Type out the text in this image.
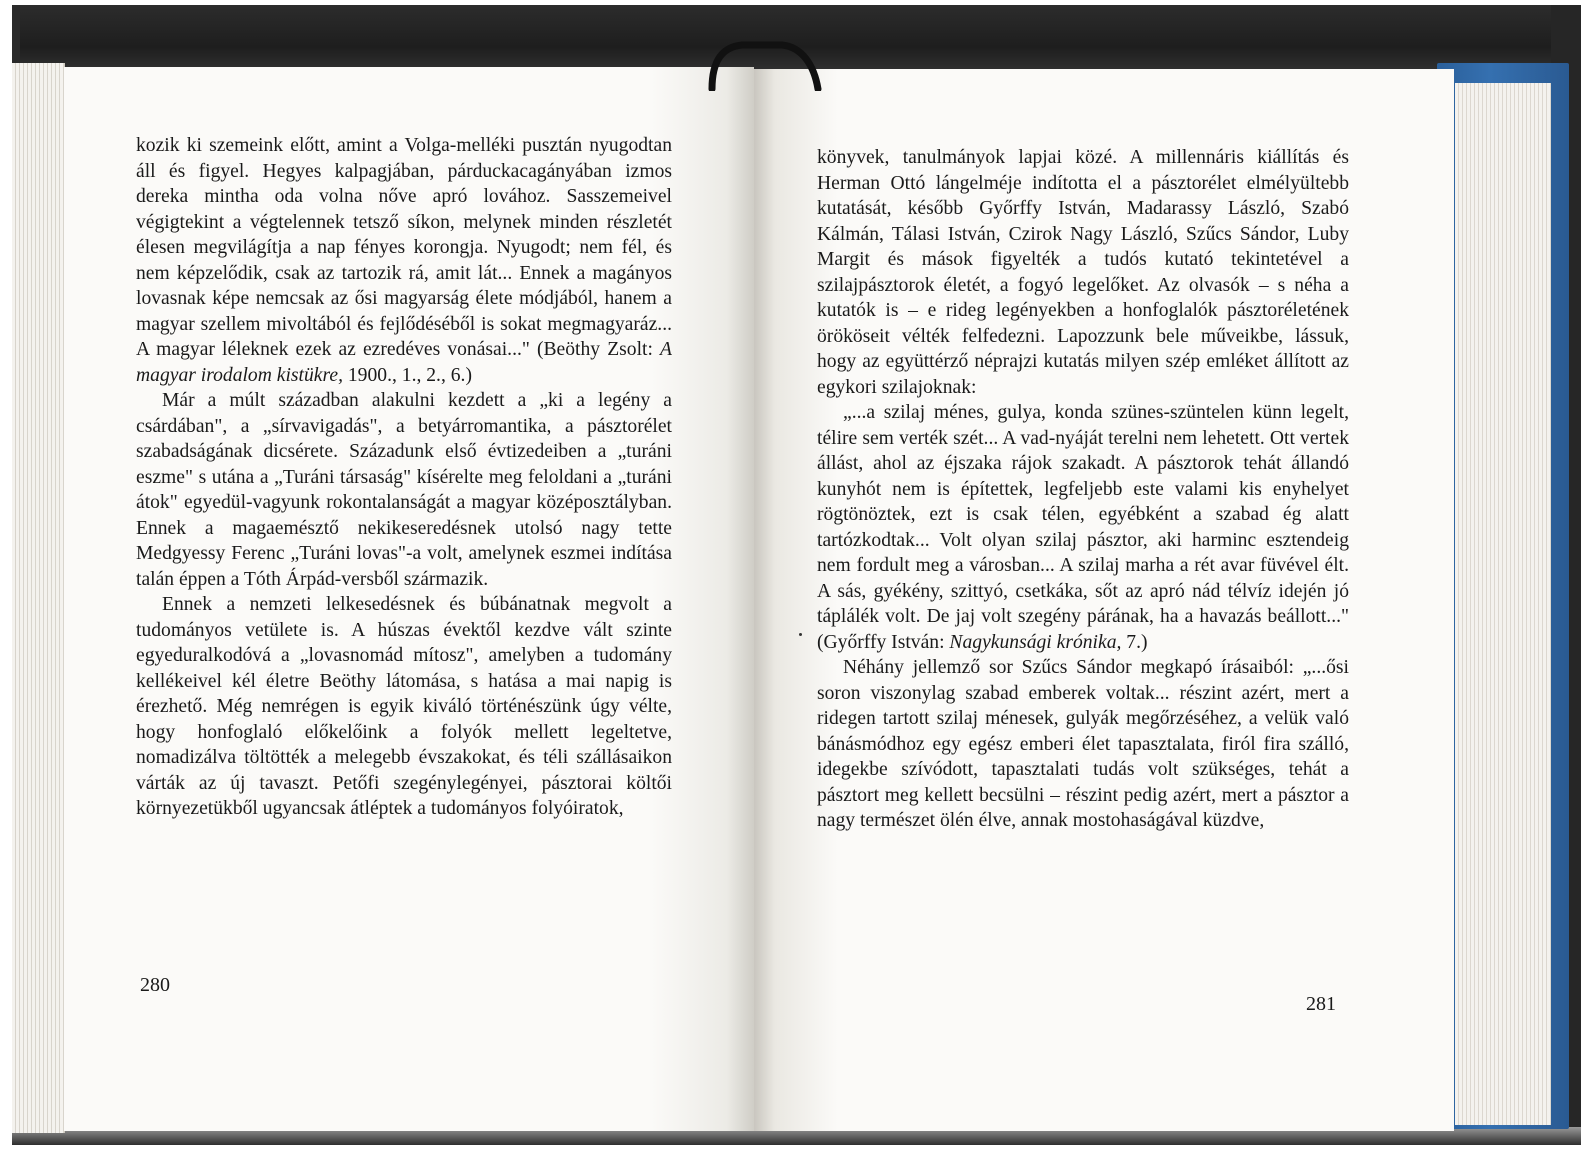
kozik ki szemeink előtt, amint a Volga-melléki pusztán nyugodtan áll és figyel. Hegyes kalpagjában, párduckacagányában izmos dereka mintha oda volna nőve apró lovához. Sasszemeivel végigtekint a végtelennek tetsző síkon, melynek minden részletét élesen megvilágítja a nap fényes korongja. Nyugodt; nem fél, és nem képzelődik, csak az tartozik rá, amit lát... Ennek a magányos lovasnak képe nemcsak az ősi magyarság élete módjából, hanem a magyar szellem mivoltából és fejlődéséből is sokat megmagyaráz... A magyar léleknek ezek az ezredéves vonásai..." (Beöthy Zsolt: A magyar irodalom kistükre, 1900., 1., 2., 6.)

Már a múlt században alakulni kezdett a „ki a legény a csárdában", a „sírvavigadás", a betyárromantika, a pásztorélet szabadságának dicsérete. Századunk első évtizedeiben a „turáni eszme" s utána a „Turáni társaság" kísérelte meg feloldani a „turáni átok" egyedül-vagyunk rokontalanságát a magyar középosztályban. Ennek a magaemésztő nekikeseredésnek utolsó nagy tette Medgyessy Ferenc „Turáni lovas"-a volt, amelynek eszmei indítása talán éppen a Tóth Árpád-versből származik.

Ennek a nemzeti lelkesedésnek és búbánatnak megvolt a tudományos vetülete is. A húszas évektől kezdve vált szinte egyeduralkodóvá a „lovasnomád mítosz", amelyben a tudomány kellékeivel kél életre Beöthy látomása, s hatása a mai napig is érezhető. Még nemrégen is egyik kiváló történészünk úgy vélte, hogy honfoglaló előkelőink a folyók mellett legeltetve, nomadizálva töltötték a melegebb évszakokat, és téli szállásaikon várták az új tavaszt. Petőfi szegénylegényei, pásztorai költői környezetükből ugyancsak átléptek a tudományos folyóiratok,

könyvek, tanulmányok lapjai közé. A millennáris kiállítás és Herman Ottó lángelméje indította el a pásztorélet elmélyültebb kutatását, később Győrffy István, Madarassy László, Szabó Kálmán, Tálasi István, Czirok Nagy László, Szűcs Sándor, Luby Margit és mások figyelték a tudós kutató tekintetével a szilajpásztorok életét, a fogyó legelőket. Az olvasók – s néha a kutatók is – e rideg legényekben a honfoglalók pásztoréletének örököseit vélték felfedezni. Lapozzunk bele műveikbe, lássuk, hogy az együttérző néprajzi kutatás milyen szép emléket állított az egykori szilajoknak:

„...a szilaj ménes, gulya, konda szünes-szüntelen künn legelt, télire sem verték szét... A vad-nyáját terelni nem lehetett. Ott vertek állást, ahol az éjszaka rájok szakadt. A pásztorok tehát állandó kunyhót nem is építettek, legfeljebb este valami kis enyhelyet rögtönöztek, ezt is csak télen, egyébként a szabad ég alatt tartózkodtak... Volt olyan szilaj pásztor, aki harminc esztendeig nem fordult meg a városban... A szilaj marha a rét avar füvével élt. A sás, gyékény, szittyó, csetkáka, sőt az apró nád télvíz idején jó táplálék volt. De jaj volt szegény párának, ha a havazás beállott..." (Győrffy István: Nagykunsági krónika, 7.)

Néhány jellemző sor Szűcs Sándor megkapó írásaiból: „...ősi soron viszonylag szabad emberek voltak... részint azért, mert a ridegen tartott szilaj ménesek, gulyák megőrzéséhez, a velük való bánásmódhoz egy egész emberi élet tapasztalata, firól fira szálló, idegekbe szívódott, tapasztalati tudás volt szükséges, tehát a pásztort meg kellett becsülni – részint pedig azért, mert a pásztor a nagy természet ölén élve, annak mostohaságával küzdve,

280
281
